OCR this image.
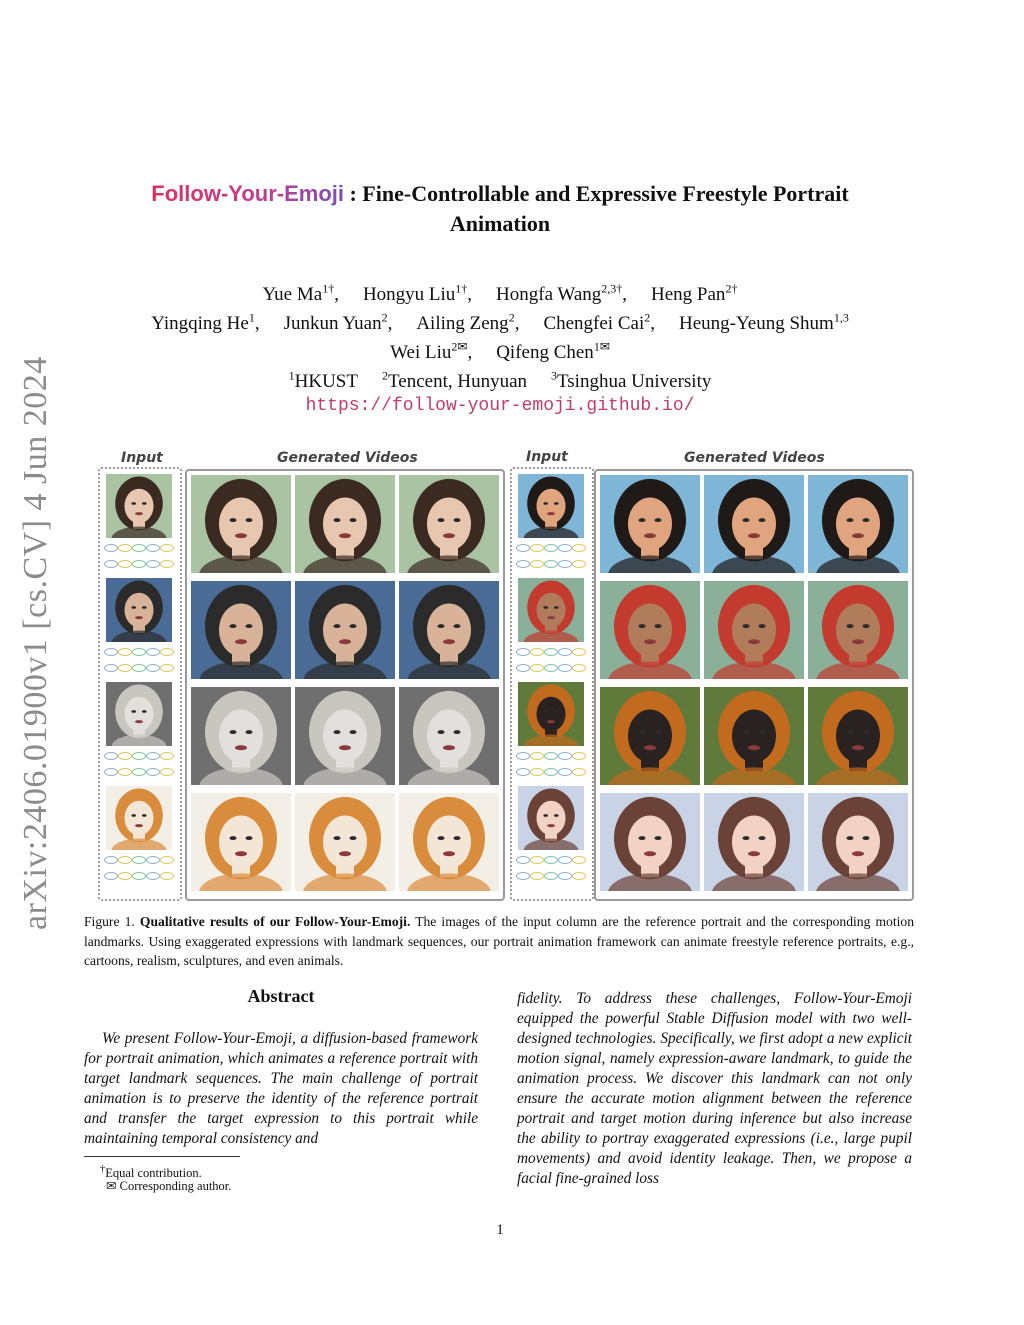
arXiv:2406.01900v1 [cs.CV] 4 Jun 2024
Follow-Your-Emoji : Fine-Controllable and Expressive Freestyle Portrait
Animation
Yue $Ma^{1\dagger}$, Hongyu Liu$^{1\dagger}$, Hongfa Wang$^{2,3\dagger}$, Heng Pan$^{2\dagger}$
Yingqing He$^1$, Junkun Yuan$^2$, Ailing Zeng$^2$, Chengfei Cai$^2$, Heung-Yeung Shum$^{1,3}$
Wei Liu$^{2✉}$, Qifeng Chen$^{1✉}$
$^1$HKUST $^2$Tencent, Hunyuan $^3$Tsinghua University
https://follow-your-emoji.github.io/
Input	Generated Videos	Input	Generated Videos
Figure 1. Qualitative results of our Follow-Your-Emoji. The images of the input column are the reference portrait and the corresponding motion landmarks. Using exaggerated expressions with landmark sequences, our portrait animation framework can animate freestyle reference portraits, e.g., cartoons, realism, sculptures, and even animals.
Abstract
We present Follow-Your-Emoji, a diffusion-based framework for portrait animation, which animates a reference portrait with target landmark sequences. The main challenge of portrait animation is to preserve the identity of the reference portrait and transfer the target expression to this portrait while maintaining temporal consistency and
fidelity. To address these challenges, Follow-Your-Emoji equipped the powerful Stable Diffusion model with two well-designed technologies. Specifically, we first adopt a new explicit motion signal, namely expression-aware landmark, to guide the animation process. We discover this landmark can not only ensure the accurate motion alignment between the reference portrait and target motion during inference but also increase the ability to portray exaggerated expressions (i.e., large pupil movements) and avoid identity leakage. Then, we propose a facial fine-grained loss
†Equal contribution.
✉ Corresponding author.
1
